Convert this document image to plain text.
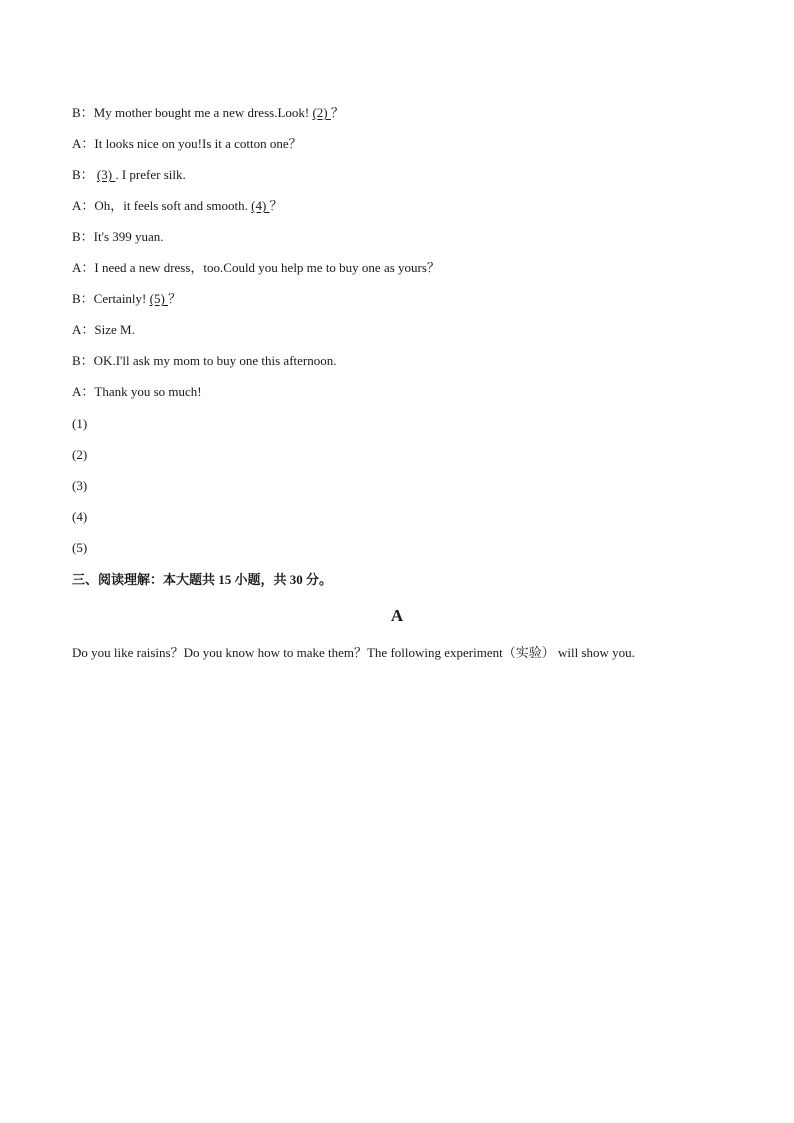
B：My mother bought me a new dress.Look! (2) ？
A：It looks nice on you!Is it a cotton one？
B： (3) . I prefer silk.
A：Oh，it feels soft and smooth. (4) ？
B：It's 399 yuan.
A：I need a new dress，too.Could you help me to buy one as yours？
B：Certainly! (5) ？
A：Size M.
B：OK.I'll ask my mom to buy one this afternoon.
A：Thank you so much!
(1)
(2)
(3)
(4)
(5)
三、阅读理解：本大题共 15 小题，共 30 分。
A
Do you like raisins？Do you know how to make them？The following experiment（实验） will show you.
